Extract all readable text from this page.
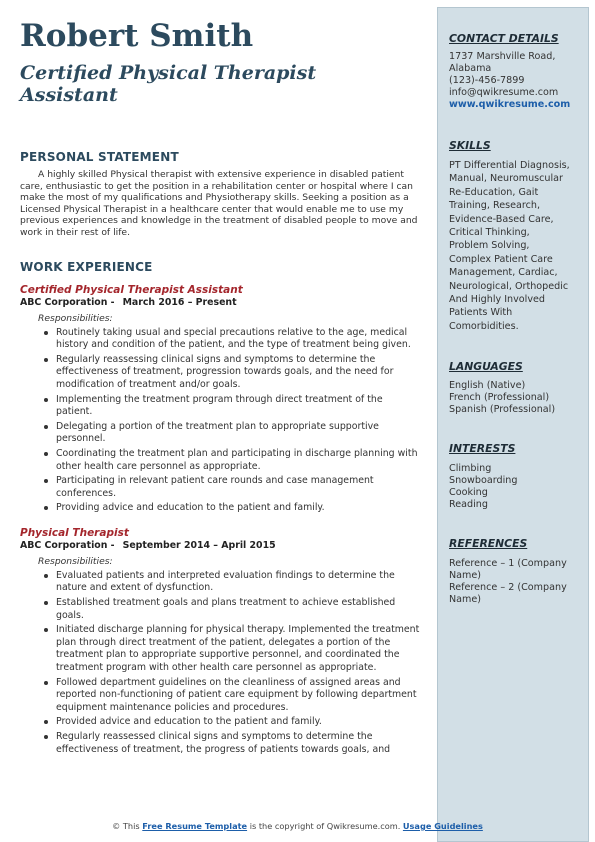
Robert Smith
Certified Physical Therapist Assistant
PERSONAL STATEMENT

A highly skilled Physical therapist with extensive experience in disabled patient care, enthusiastic to get the position in a rehabilitation center or hospital where I can make the most of my qualifications and Physiotherapy skills. Seeking a position as a Licensed Physical Therapist in a healthcare center that would enable me to use my previous experiences and knowledge in the treatment of disabled people to move and work in their rest of life.

WORK EXPERIENCE
Certified Physical Therapist Assistant
ABC Corporation - March 2016 – Present
Responsibilities:
Routinely taking usual and special precautions relative to the age, medical history and condition of the patient, and the type of treatment being given.
Regularly reassessing clinical signs and symptoms to determine the effectiveness of treatment, progression towards goals, and the need for modification of treatment and/or goals.
Implementing the treatment program through direct treatment of the patient.
Delegating a portion of the treatment plan to appropriate supportive personnel.
Coordinating the treatment plan and participating in discharge planning with other health care personnel as appropriate.
Participating in relevant patient care rounds and case management conferences.
Providing advice and education to the patient and family.
Physical Therapist
ABC Corporation - September 2014 – April 2015
Responsibilities:
Evaluated patients and interpreted evaluation findings to determine the nature and extent of dysfunction.
Established treatment goals and plans treatment to achieve established goals.
Initiated discharge planning for physical therapy. Implemented the treatment plan through direct treatment of the patient, delegates a portion of the treatment plan to appropriate supportive personnel, and coordinated the treatment program with other health care personnel as appropriate.
Followed department guidelines on the cleanliness of assigned areas and reported non-functioning of patient care equipment by following department equipment maintenance policies and procedures.
Provided advice and education to the patient and family.
Regularly reassessed clinical signs and symptoms to determine the effectiveness of treatment, the progress of patients towards goals, and
CONTACT DETAILS
1737 Marshville Road,
Alabama
(123)-456-7899
info@qwikresume.com
www.qwikresume.com
SKILLS
PT Differential Diagnosis,
Manual, Neuromuscular
Re-Education, Gait
Training, Research,
Evidence-Based Care,
Critical Thinking,
Problem Solving,
Complex Patient Care
Management, Cardiac,
Neurological, Orthopedic
And Highly Involved
Patients With
Comorbidities.
LANGUAGES
English (Native)
French (Professional)
Spanish (Professional)
INTERESTS
Climbing
Snowboarding
Cooking
Reading
REFERENCES
Reference – 1 (Company
Name)
Reference – 2 (Company
Name)
© This Free Resume Template is the copyright of Qwikresume.com. Usage Guidelines
